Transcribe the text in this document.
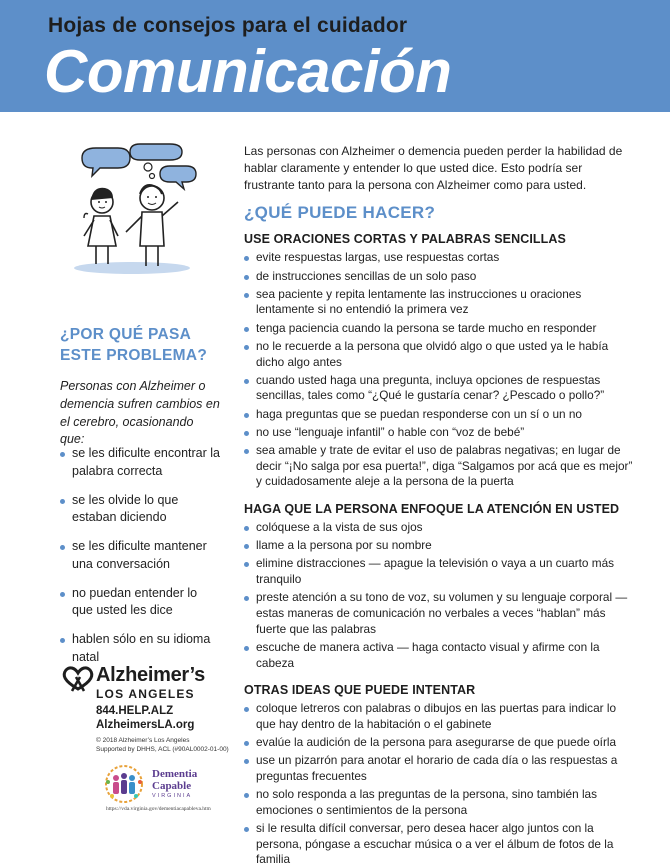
Hojas de consejos para el cuidador
Comunicación
¿POR QUÉ PASA
ESTE PROBLEMA?
Personas con Alzheimer o demencia sufren cambios en el cerebro, ocasionando que:
se les dificulte encontrar la palabra correcta
se les olvide lo que estaban diciendo
se les dificulte mantener una conversación
no puedan entender lo que usted les dice
hablen sólo en su idioma natal
Alzheimer’s
LOS ANGELES
844.HELP.ALZ
AlzheimersLA.org
© 2018 Alzheimer’s Los Angeles
Supported by DHHS, ACL (#90AL0002-01-00)
Dementia
Capable
VIRGINIA
https://vda.virginia.gov/dementiacapableva.htm

Las personas con Alzheimer o demencia pueden perder la habilidad de hablar claramente y entender lo que usted dice. Esto podría ser frustrante tanto para la persona con Alzheimer como para usted.

¿QUÉ PUEDE HACER?
USE ORACIONES CORTAS Y PALABRAS SENCILLAS
evite respuestas largas, use respuestas cortas
de instrucciones sencillas de un solo paso
sea paciente y repita lentamente las instrucciones u oraciones lentamente si no entendió la primera vez
tenga paciencia cuando la persona se tarde mucho en responder
no le recuerde a la persona que olvidó algo o que usted ya le había dicho algo antes
cuando usted haga una pregunta, incluya opciones de respuestas sencillas, tales como “¿Qué le gustaría cenar? ¿Pescado o pollo?”
haga preguntas que se puedan responderse con un sí o un no
no use “lenguaje infantil” o hable con “voz de bebé”
sea amable y trate de evitar el uso de palabras negativas; en lugar de decir “¡No salga por esa puerta!”, diga “Salgamos por acá que es mejor” y cuidadosamente aleje a la persona de la puerta
HAGA QUE LA PERSONA ENFOQUE LA ATENCIÓN EN USTED
colóquese a la vista de sus ojos
llame a la persona por su nombre
elimine distracciones — apague la televisión o vaya a un cuarto más tranquilo
preste atención a su tono de voz, su volumen y su lenguaje corporal — estas maneras de comunicación no verbales a veces “hablan” más fuerte que las palabras
escuche de manera activa — haga contacto visual y afirme con la cabeza
OTRAS IDEAS QUE PUEDE INTENTAR
coloque letreros con palabras o dibujos en las puertas para indicar lo que hay dentro de la habitación o el gabinete
evalúe la audición de la persona para asegurarse de que puede oírla
use un pizarrón para anotar el horario de cada día o las respuestas a preguntas frecuentes
no solo responda a las preguntas de la persona, sino también las emociones o sentimientos de la persona
si le resulta difícil conversar, pero desea hacer algo juntos con la persona, póngase a escuchar música o a ver el álbum de fotos de la familia
